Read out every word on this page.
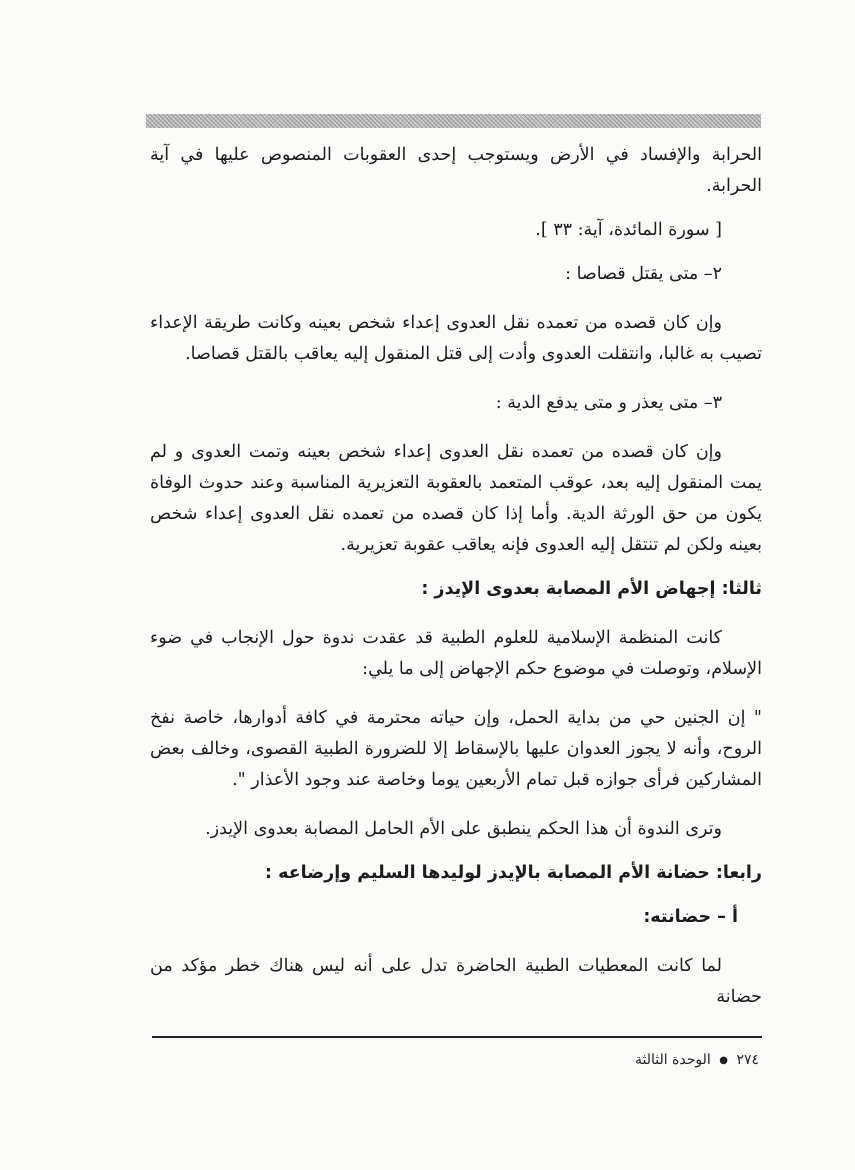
الحرابة والإفساد في الأرض ويستوجب إحدى العقوبات المنصوص عليها في آية الحرابة.

[ سورة المائدة، آية: ٣٣ ].

٢– متى يقتل قصاصا :

وإن كان قصده من تعمده نقل العدوى إعداء شخص بعينه وكانت طريقة الإعداء تصيب به غالبا، وانتقلت العدوى وأدت إلى قتل المنقول إليه يعاقب بالقتل قصاصا.

٣– متى يعذر و متى يدفع الدية :

وإن كان قصده من تعمده نقل العدوى إعداء شخص بعينه وتمت العدوى و لم يمت المنقول إليه بعد، عوقب المتعمد بالعقوبة التعزيرية المناسبة وعند حدوث الوفاة يكون من حق الورثة الدية. وأما إذا كان قصده من تعمده نقل العدوى إعداء شخص بعينه ولكن لم تنتقل إليه العدوى فإنه يعاقب عقوبة تعزيرية.

ثالثا: إجهاض الأم المصابة بعدوى الإيدز :

كانت المنظمة الإسلامية للعلوم الطبية قد عقدت ندوة حول الإنجاب في ضوء الإسلام، وتوصلت في موضوع حكم الإجهاض إلى ما يلي:

" إن الجنين حي من بداية الحمل، وإن حياته محترمة في كافة أدوارها، خاصة نفخ الروح، وأنه لا يجوز العدوان عليها بالإسقاط إلا للضرورة الطبية القصوى، وخالف بعض المشاركين فرأى جوازه قبل تمام الأربعين يوما وخاصة عند وجود الأعذار ".

وترى الندوة أن هذا الحكم ينطبق على الأم الحامل المصابة بعدوى الإيدز.

رابعا: حضانة الأم المصابة بالإيدز لوليدها السليم وإرضاعه :

أ – حضانته:

لما كانت المعطيات الطبية الحاضرة تدل على أنه ليس هناك خطر مؤكد من حضانة

٢٧٤ ● الوحدة الثالثة
